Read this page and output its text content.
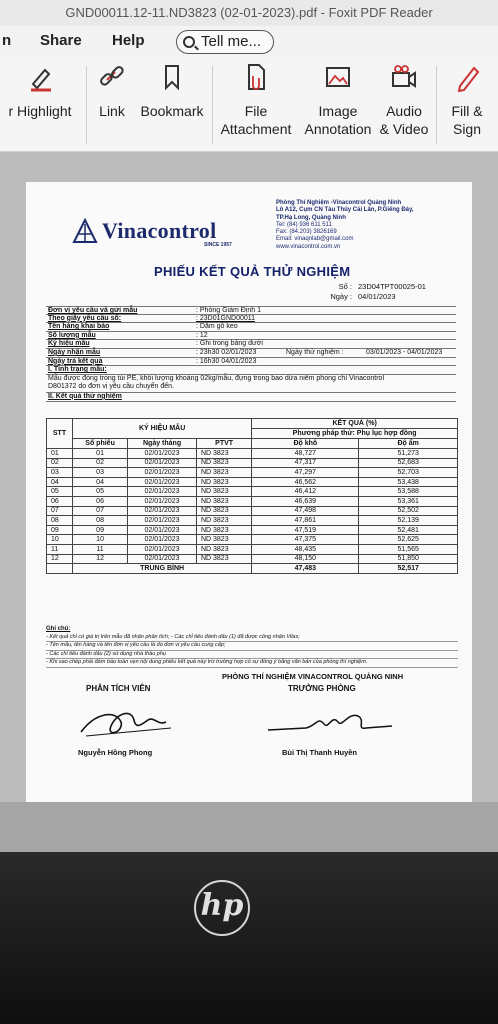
GND00011.12-11.ND3823 (02-01-2023).pdf - Foxit PDF Reader
n Share Help	Tell me...
r Highlight	Link	Bookmark	File
Attachment
Image
Annotation
Audio
& Video
Fill &
Sign
Vinacontrol
SINCE 1957
Phòng Thí Nghiệm -Vinacontrol Quảng Ninh
Lô A12, Cụm CN Tàu Thủy Cái Lân, P.Giếng Đáy,
TP.Hạ Long, Quảng Ninh
Tel: (84) 936 611 511
Fax: (84.203) 3826169
Email: vinaqnlab@gmail.com
www.vinacontrol.com.vn
PHIẾU KẾT QUẢ THỬ NGHIỆM
Số : 23D04TPT00025-01
Ngày : 04/01/2023
Đơn vị yêu cầu và gửi mẫu	: Phòng Giám Định 1
Theo giấy yêu cầu số:	: 23D01GND00011
Tên hàng khai báo	: Dăm gỗ keo
Số lượng mẫu	: 12
Ký hiệu mẫu	: Ghi trong bảng dưới
Ngày nhận mẫu	: 23h30 02/01/2023	Ngày thử nghiệm :	03/01/2023 - 04/01/2023
Ngày trả kết quả	: 16h30 04/01/2023
I. Tình trạng mẫu:
Mẫu được đóng trong túi PE, khối lượng khoảng 02kg/mẫu, đựng trong bao dứa niêm phong chì Vinacontrol
D801372 do đơn vị yêu cầu chuyển đến.
II. Kết quả thử nghiệm
STT	KÝ HIỆU MẪU			KẾT QUẢ (%)	
				Phương pháp thử: Phụ lục hợp đồng	
	Số phiếu	Ngày tháng	PTVT	Độ khô	Độ ẩm
01	01	02/01/2023	ND 3823	48,727	51,273
02	02	02/01/2023	ND 3823	47,317	52,683
03	03	02/01/2023	ND 3823	47,297	52,703
04	04	02/01/2023	ND 3823	46,562	53,438
05	05	02/01/2023	ND 3823	46,412	53,588
06	06	02/01/2023	ND 3823	46,639	53,361
07	07	02/01/2023	ND 3823	47,498	52,502
08	08	02/01/2023	ND 3823	47,861	52,139
09	09	02/01/2023	ND 3823	47,519	52,481
10	10	02/01/2023	ND 3823	47,375	52,625
11	11	02/01/2023	ND 3823	48,435	51,565
12	12	02/01/2023	ND 3823	48,150	51,850
	TRUNG BÌNH			47,483	52,517
Ghi chú:
- Kết quả chỉ có giá trị trên mẫu đã nhận phân tích; - Các chỉ tiêu đánh dấu (1) đã được công nhận Vilas;
- Tên mẫu, tên hàng và tên đơn vị yêu cầu là do đơn vị yêu cầu cung cấp;
- Các chỉ tiêu đánh dấu (2) sử dụng nhà thầu phụ
- Khi sao chép phải đảm bảo toàn vẹn nội dung phiếu kết quả này trừ trường hợp có sự đồng ý bằng văn bản của phòng thí nghiệm.
PHÒNG THÍ NGHIỆM VINACONTROL QUẢNG NINH
PHÂN TÍCH VIÊN	TRƯỞNG PHÒNG
Nguyễn Hồng Phong	Bùi Thị Thanh Huyền
hp
